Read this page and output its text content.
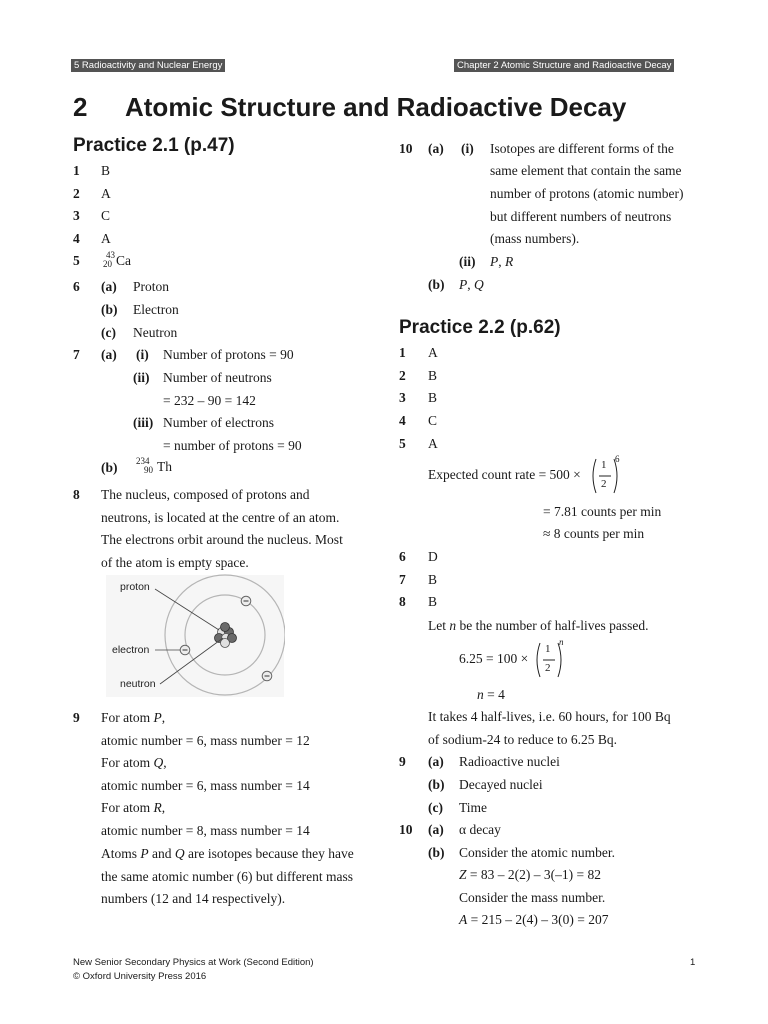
5 Radioactivity and Nuclear Energy	Chapter 2 Atomic Structure and Radioactive Decay
2 Atomic Structure and Radioactive Decay
Practice 2.1 (p.47)
1 B
2 A
3 C
4 A
5	43
20 Ca
6 (a) Proton
(b) Electron
(c) Neutron
7 (a) (i) Number of protons = 90
(ii) Number of neutrons
= 232 – 90 = 142
(iii) Number of electrons
= number of protons = 90
(b) 234
90 Th
8 The nucleus, composed of protons and
neutrons, is located at the centre of an atom.
The electrons orbit around the nucleus. Most
of the atom is empty space.
proton
electron
neutron
9 For atom P,
atomic number = 6, mass number = 12
For atom Q,
atomic number = 6, mass number = 14
For atom R,
atomic number = 8, mass number = 14
Atoms P and Q are isotopes because they have
the same atomic number (6) but different mass
numbers (12 and 14 respectively).
10 (a) (i) Isotopes are different forms of the
same element that contain the same
number of protons (atomic number)
but different numbers of neutrons
(mass numbers).
(ii) P, R
(b) P, Q
Practice 2.2 (p.62)
1 A
2 B
3 B
4 C
5 A
Expected count rate = 500 ×
1
2
6
= 7.81 counts per min
≈ 8 counts per min
6 D
7 B
8 B
Let n be the number of half-lives passed.
6.25 = 100 ×
1
2
n
n = 4
It takes 4 half-lives, i.e. 60 hours, for 100 Bq
of sodium-24 to reduce to 6.25 Bq.
9 (a) Radioactive nuclei
(b) Decayed nuclei
(c) Time
10 (a) α decay
(b) Consider the atomic number.
Z = 83 – 2(2) – 3(–1) = 82
Consider the mass number.
A = 215 – 2(4) – 3(0) = 207
New Senior Secondary Physics at Work (Second Edition)
© Oxford University Press 2016
1
